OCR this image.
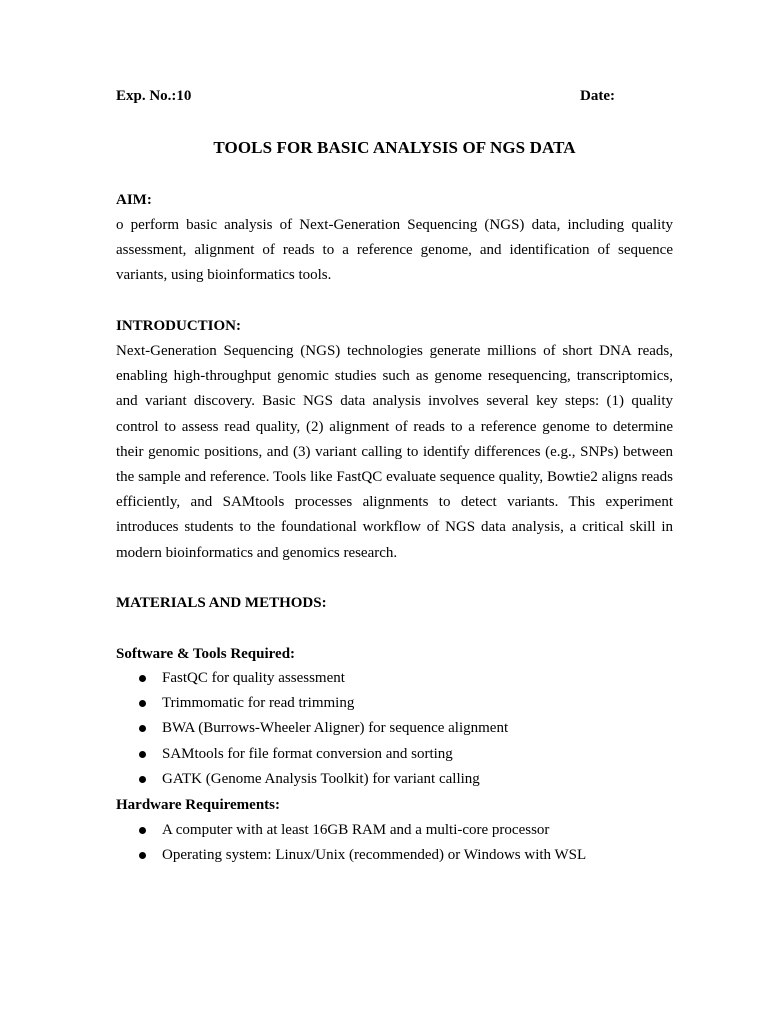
Exp. No.:10	Date:
TOOLS FOR BASIC ANALYSIS OF NGS DATA
AIM:
o perform basic analysis of Next-Generation Sequencing (NGS) data, including quality assessment, alignment of reads to a reference genome, and identification of sequence variants, using bioinformatics tools.
INTRODUCTION:
Next-Generation Sequencing (NGS) technologies generate millions of short DNA reads, enabling high-throughput genomic studies such as genome resequencing, transcriptomics, and variant discovery. Basic NGS data analysis involves several key steps: (1) quality control to assess read quality, (2) alignment of reads to a reference genome to determine their genomic positions, and (3) variant calling to identify differences (e.g., SNPs) between the sample and reference. Tools like FastQC evaluate sequence quality, Bowtie2 aligns reads efficiently, and SAMtools processes alignments to detect variants. This experiment introduces students to the foundational workflow of NGS data analysis, a critical skill in modern bioinformatics and genomics research.
MATERIALS AND METHODS:
Software & Tools Required:
FastQC for quality assessment
Trimmomatic for read trimming
BWA (Burrows-Wheeler Aligner) for sequence alignment
SAMtools for file format conversion and sorting
GATK (Genome Analysis Toolkit) for variant calling
Hardware Requirements:
A computer with at least 16GB RAM and a multi-core processor
Operating system: Linux/Unix (recommended) or Windows with WSL
